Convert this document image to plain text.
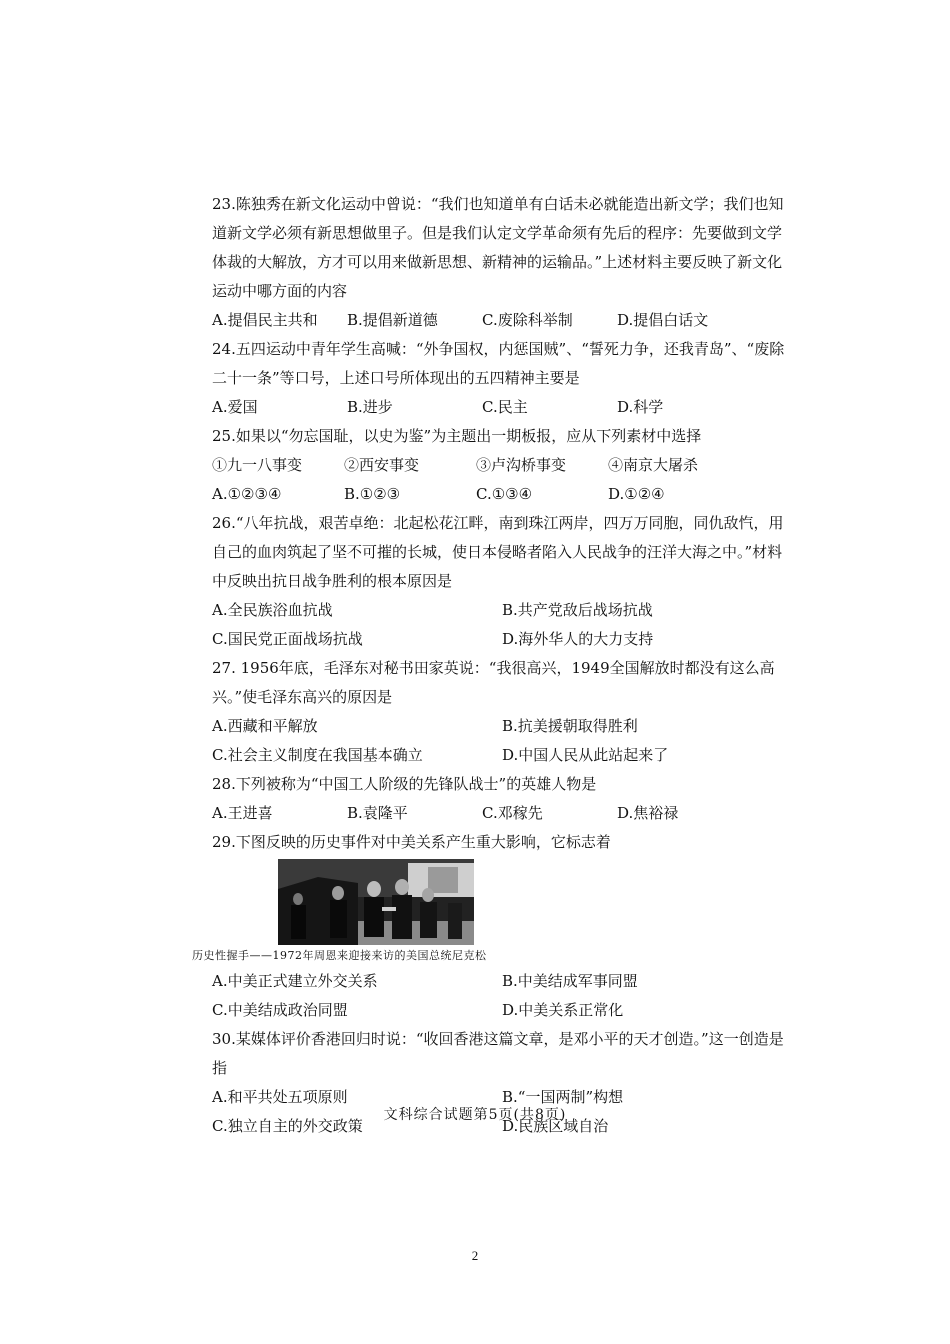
23.陈独秀在新文化运动中曾说：“我们也知道单有白话未必就能造出新文学；我们也知道新文学必须有新思想做里子。但是我们认定文学革命须有先后的程序：先要做到文学体裁的大解放，方才可以用来做新思想、新精神的运输品。”上述材料主要反映了新文化运动中哪方面的内容
A.提倡民主共和	B.提倡新道德	C.废除科举制	D.提倡白话文
24.五四运动中青年学生高喊：“外争国权，内惩国贼”、“誓死力争，还我青岛”、“废除二十一条”等口号，上述口号所体现出的五四精神主要是
A.爱国	B.进步	C.民主	D.科学
25.如果以“勿忘国耻，以史为鉴”为主题出一期板报，应从下列素材中选择
①九一八事变	②西安事变	③卢沟桥事变	④南京大屠杀
A.①②③④	B.①②③	C.①③④	D.①②④
26.“八年抗战，艰苦卓绝：北起松花江畔，南到珠江两岸，四万万同胞，同仇敌忾，用自己的血肉筑起了坚不可摧的长城，使日本侵略者陷入人民战争的汪洋大海之中。”材料中反映出抗日战争胜利的根本原因是
A.全民族浴血抗战	B.共产党敌后战场抗战
C.国民党正面战场抗战	D.海外华人的大力支持
27. 1956年底，毛泽东对秘书田家英说：“我很高兴，1949全国解放时都没有这么高兴。”使毛泽东高兴的原因是
A.西藏和平解放	B.抗美援朝取得胜利
C.社会主义制度在我国基本确立	D.中国人民从此站起来了
28.下列被称为“中国工人阶级的先锋队战士”的英雄人物是
A.王进喜	B.袁隆平	C.邓稼先	D.焦裕禄
29.下图反映的历史事件对中美关系产生重大影响，它标志着
历史性握手——1972年周恩来迎接来访的美国总统尼克松
A.中美正式建立外交关系	B.中美结成军事同盟
C.中美结成政治同盟	D.中美关系正常化
30.某媒体评价香港回归时说：“收回香港这篇文章，是邓小平的天才创造。”这一创造是指
A.和平共处五项原则	B.“一国两制”构想
C.独立自主的外交政策	D.民族区域自治
文科综合试题第5页(共8页)
2
